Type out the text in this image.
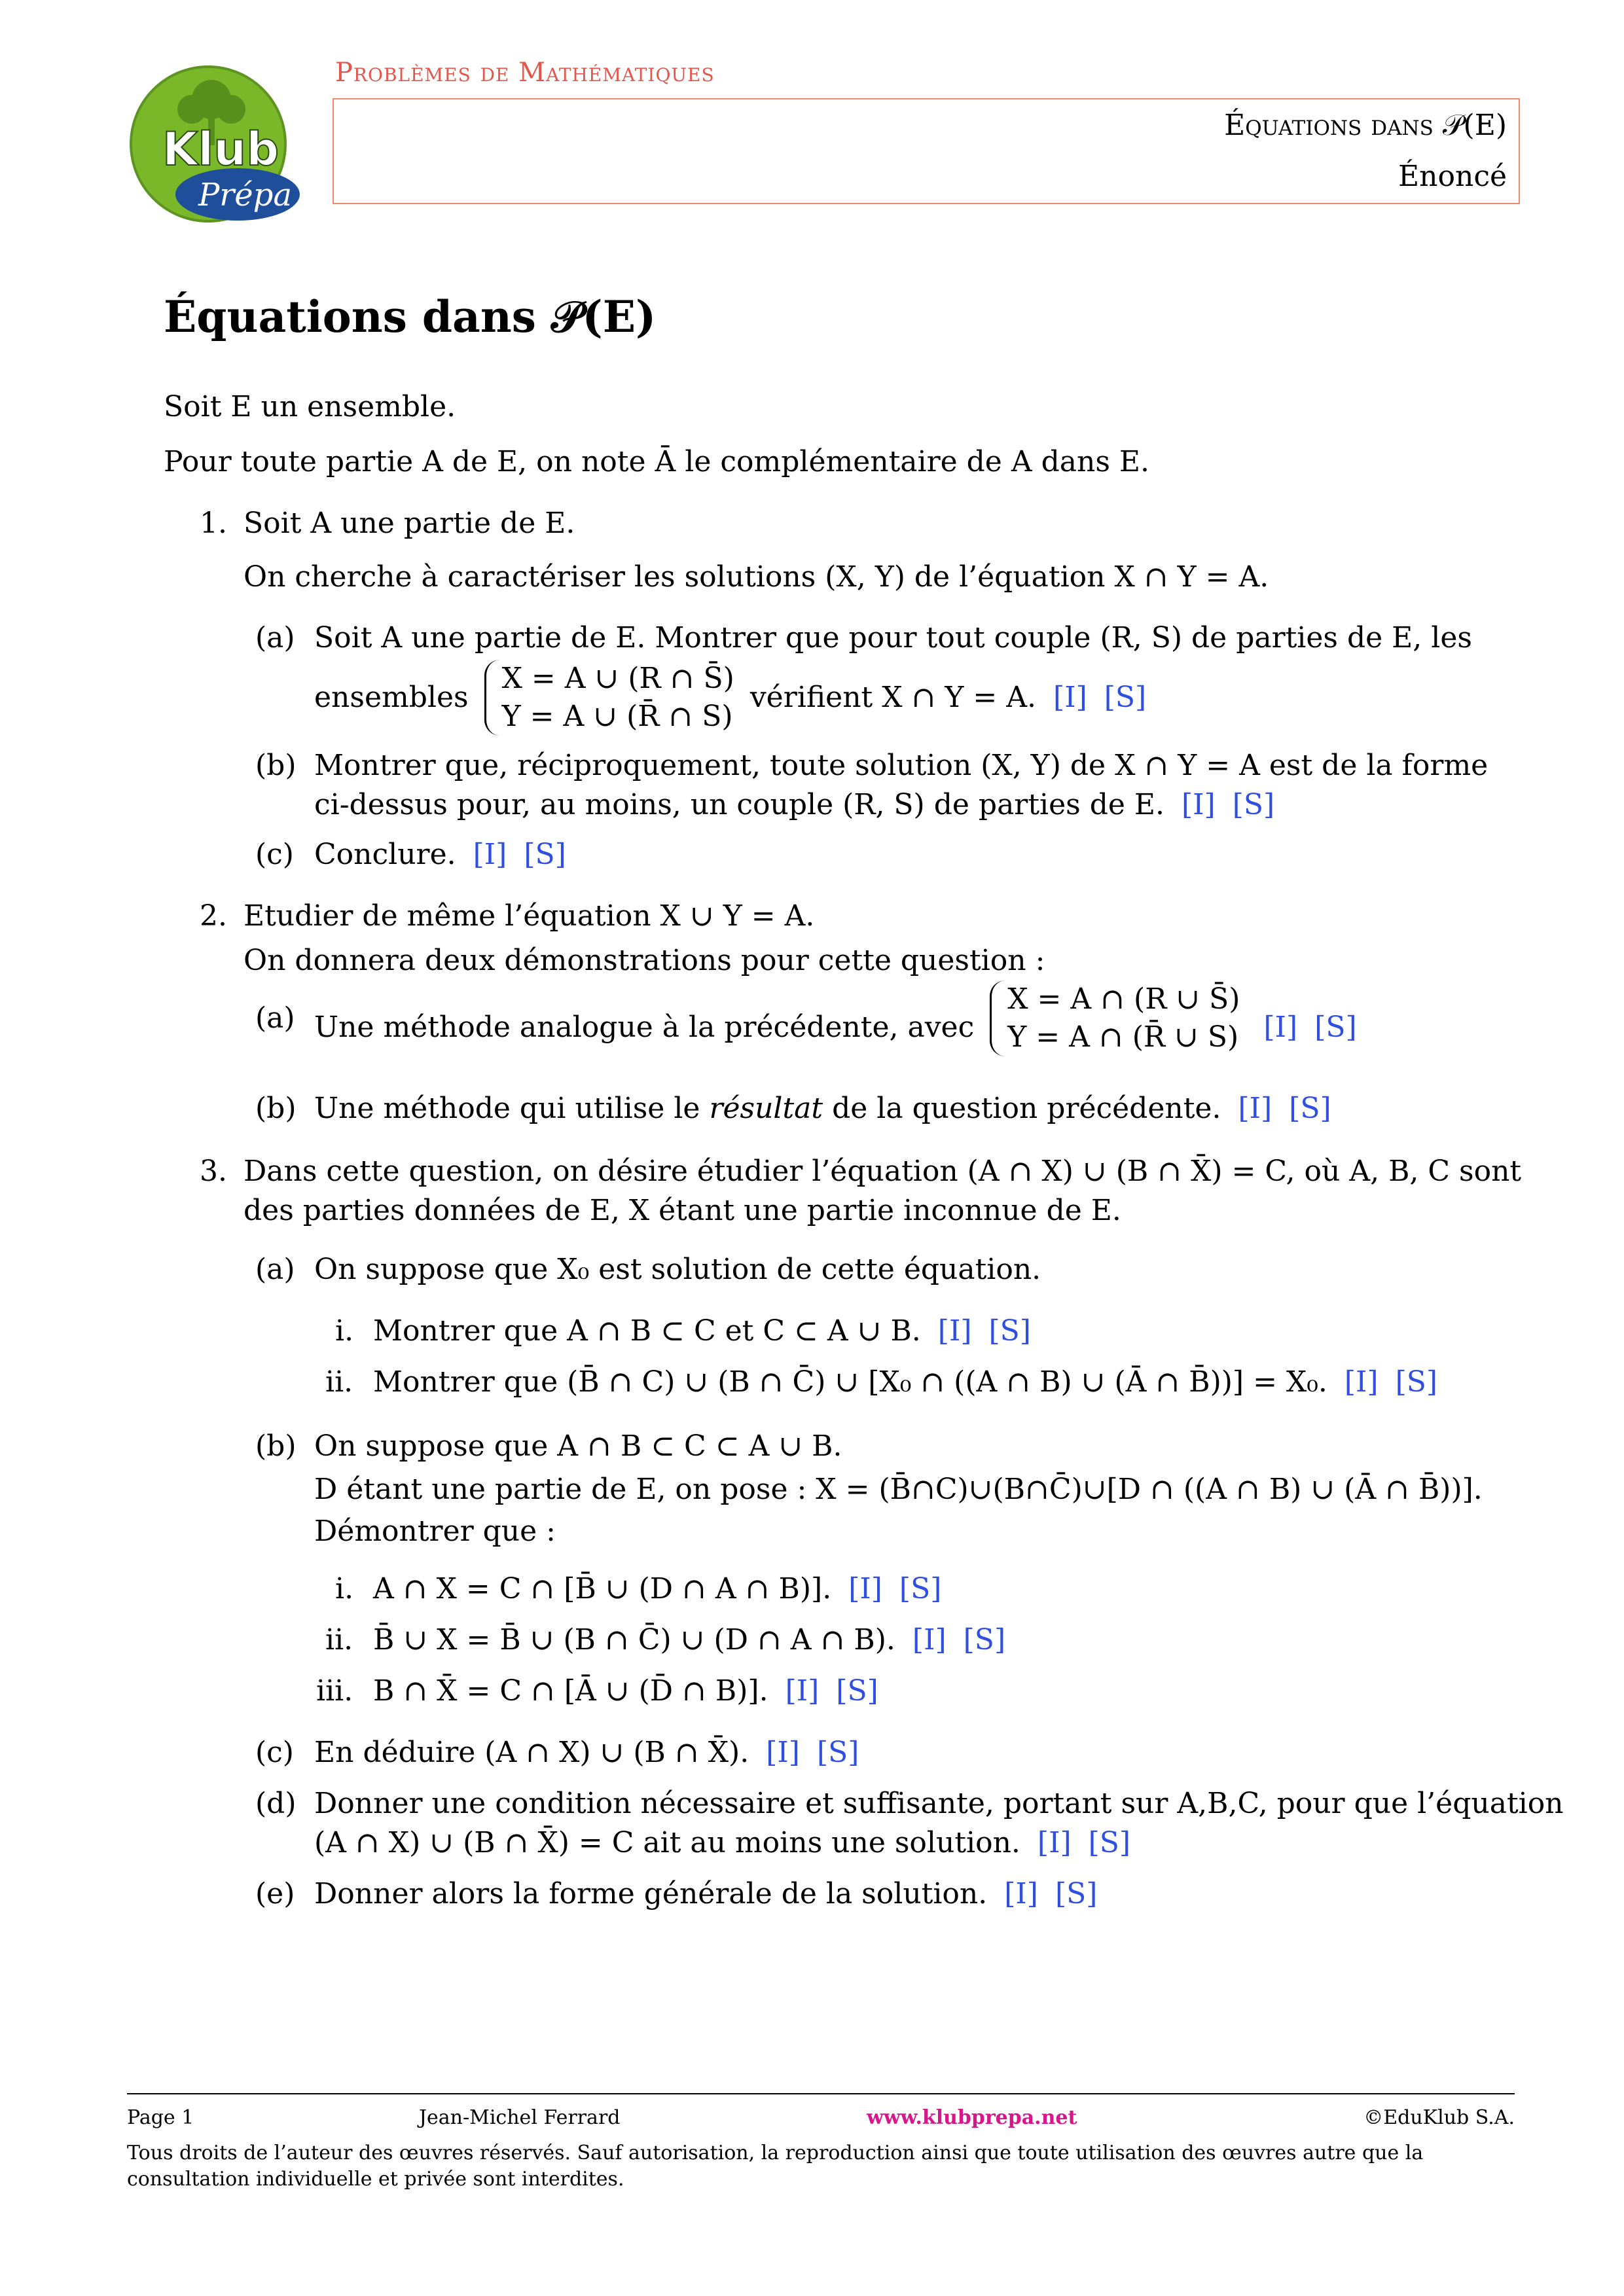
Klub
Prépa
Problèmes de Mathématiques
Équations dans 𝒫(E)
Énoncé
Équations dans 𝒫(E)
Soit E un ensemble.
Pour toute partie A de E, on note Ā le complémentaire de A dans E.
1. Soit A une partie de E.
On cherche à caractériser les solutions (X, Y) de l’équation X ∩ Y = A.
(a) Soit A une partie de E. Montrer que pour tout couple (R, S) de parties de E, les
ensembles X = A ∪ (R ∩ S̄)
Y = A ∪ (R̄ ∩ S) vérifient X ∩ Y = A. [I] [S]
(b) Montrer que, réciproquement, toute solution (X, Y) de X ∩ Y = A est de la forme
ci-dessus pour, au moins, un couple (R, S) de parties de E. [I] [S]
(c) Conclure. [I] [S]
2. Etudier de même l’équation X ∪ Y = A.
On donnera deux démonstrations pour cette question :
(a) Une méthode analogue à la précédente, avec X = A ∩ (R ∪ S̄)
Y = A ∩ (R̄ ∪ S) [I] [S]
(b) Une méthode qui utilise le résultat de la question précédente. [I] [S]
3. Dans cette question, on désire étudier l’équation (A ∩ X) ∪ (B ∩ X̄) = C, où A, B, C sont
des parties données de E, X étant une partie inconnue de E.
(a) On suppose que X₀ est solution de cette équation.
i. Montrer que A ∩ B ⊂ C et C ⊂ A ∪ B. [I] [S]
ii. Montrer que (B̄ ∩ C) ∪ (B ∩ C̄) ∪ [X₀ ∩ ((A ∩ B) ∪ (Ā ∩ B̄))] = X₀. [I] [S]
(b) On suppose que A ∩ B ⊂ C ⊂ A ∪ B.
D étant une partie de E, on pose : X = (B̄∩C)∪(B∩C̄)∪[D ∩ ((A ∩ B) ∪ (Ā ∩ B̄))].
Démontrer que :
i. A ∩ X = C ∩ [B̄ ∪ (D ∩ A ∩ B)]. [I] [S]
ii. B̄ ∪ X = B̄ ∪ (B ∩ C̄) ∪ (D ∩ A ∩ B). [I] [S]
iii. B ∩ X̄ = C ∩ [Ā ∪ (D̄ ∩ B)]. [I] [S]
(c) En déduire (A ∩ X) ∪ (B ∩ X̄). [I] [S]
(d) Donner une condition nécessaire et suffisante, portant sur A,B,C, pour que l’équation
(A ∩ X) ∪ (B ∩ X̄) = C ait au moins une solution. [I] [S]
(e) Donner alors la forme générale de la solution. [I] [S]
Page 1	Jean-Michel Ferrard	www.klubprepa.net	©EduKlub S.A.
Tous droits de l’auteur des œuvres réservés. Sauf autorisation, la reproduction ainsi que toute utilisation des œuvres autre que la consultation individuelle et privée sont interdites.
